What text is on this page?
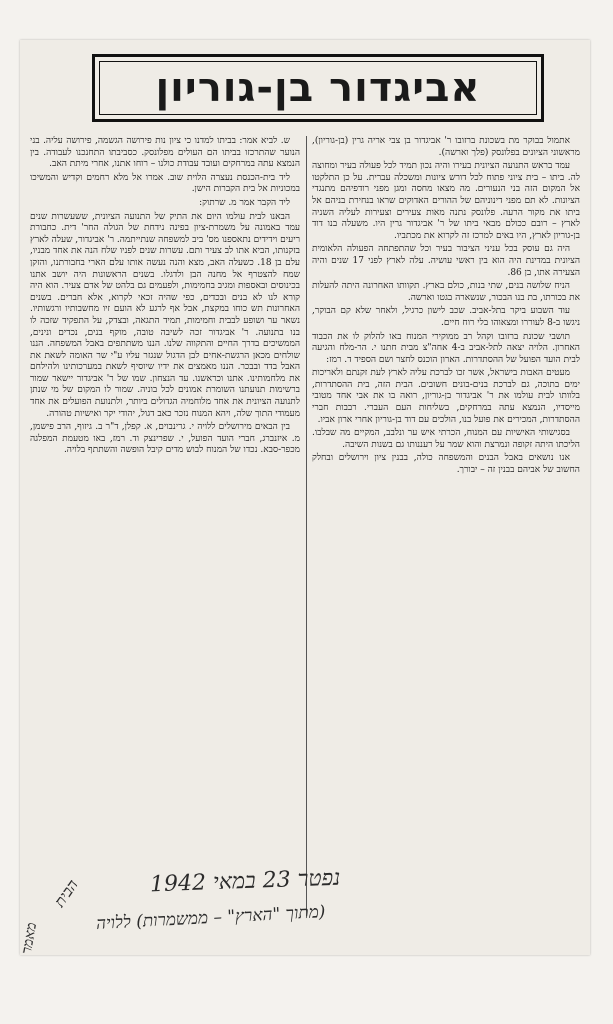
אביגדור בן-גוריון

אתמול בבוקר מת בשכונת ברזובו ר' אביגדור בן צבי אריה גרין (בן-גוריון), מראשוני הציונים בפלונסק (פלך וארשה).

עמד בראש התנועה הציונית בעירו והיה נכון תמיד לכל פעולה בעיר ומחוצה לה. ביתו – בית ציוני פתוח לכל דורש ציונות ומשכלה עברית. על כן התלקטו אל המקום הזה בני הנעורים. מה מצאו מחסה ומגן מפני רודפיהם מתנגדי הציונות. לא תם מפני דינוניהם של ההורים האדוקים שראו בנחירת בניהם אל ביתו את מקור הרעה. פלונסק נתנה מאות צעירים וצעירות לעליה השניה לארץ – רובם ככולם מבאי ביתו של ר' אביגדור גרין היו. משעלה בנו דוד בן-גוריון לארץ, היו באים למרכז זה לקרוא את מכתביו.

היה גם עוסק בכל עניני הציבור בעיר וכל שהתפתחה הפעולה הלאומית הציונית במדינת היה הוא בין ראשי עושיה. עלה לארץ לפני 17 שנים והיה הצעירה אתו, בן 86.

הניח שלושה בנים, שתי בנות, כולם בארץ. תקוותו האחרונה היתה להעלות את בכורתו, בת בנו הבכור, שנשארה בגטו וארשה.

עוד השבוע ביקר בתל-אביב. שכב לישון כרגיל, ולאחר שלא קם הבוקר, ניגשו ב-8 לעוררו ומצאוהו בלי רוח חיים.

תושבי שכונת ברזובו וקהל רב ממוקירי המנוח באו להלוק לו את הכבוד האחרון. הלויה יצאה לתל-אביב ב-4 אחה"צ מבית חתנו י. הר-מלח והגיעה לבית הועד הפועל של ההסתדרות. הארון הוכנס לחצר ושם הספיד ד. רמז:

מעטים האבות בישראל, אשר זכו לברכת עליה לארץ לעת זקנתם ולאריכות ימים בתוכה, גם לברכת בנים-בונים חשובים. הבית הזה, בית ההסתדרות, בלוותו לבית עולמו את ר' אביגדור בן-גוריון, רואה בו את אבי אחד מטובי מייסדיו, הנמצא עתה במרחקים, בשליחות העם העברי. רבבות חברי ההסתדרות, המכירים את פועל בנו, הולכים עם דוד בן-גוריון אחרי ארון אביו.

בסגישותי האישיות עם המנוח, הכרתי איש ער ונלבב, המקיים מה שבלבו. הליכתו היתה זקופה ונמרצת והוא שמר על רעננותו גם בשנות השיבה.

אנו נושאים באבל הבנים והמשפחה כולה, בבנין ציון וירושלים ובחלק החשוב של אביהם בבנין זה – יבורך.

ש. לביא אמר: בביתו למדנו כי ציון נות פירושה הגשמה, פירושה עליה. בני הנוער שהתרכזו בביתו הם העולים מפלונסק. כסביבתו התחנכנו לעבודה. בין הנמצא עתה במרחקים ועובד עבודת כולנו – רוחו אתנו, אחרי מיתת האב.

ליד בית-הכנסת נעצרה הלוית שוב. אמרו אל מלא רחמים וקדיש והמשיכו במכוניות אל בית הקברות הישן.

ליד הקבר אמר מ. שרתוק:

הבאנו לבית עולמו היום את התיק של התנועה הציונית, ששעשרות שנים עמד באמונה על משמרת-ציון בפינה נידחת של הגולה החר' דית. כחבורת ריעים וידידים נתאספנו מס' ביב למשפחה שנתייתמה. ר' אביגדור, שעלה לארץ בזקנותו, הביא אתו לב צעיר ותם. עשרות שנים לפניו שלח הנה את אחד מבניו, עלם בן 18. כשעלה האב, מצא והנה נעשה אותו עלם הארי בחבורתנו, והזקן שמח להצטרף אל מחנה הבן ולדגלו. בשנים הראשונות היה יושב אתנו בכינוסים ובאספות ומגיב בחמימות, ולפעמים גם בלהט של אדם צעיר. הוא היה קורא לנו לא בנים ובכדים, כפי שהיה זכאי לקרוא, אלא חברים. בשנים האחרונות תש כוחו במקצת, אבל אף לרגע לא הועם זיו מחשבותיו ורגשותיו. נשאר ער ושופע לבבית וחמימות, תמיד התגאה, ובצדק, על התפקיד שזכה לו בנו בתנועה. ר' אביגדור זכה לשיבה טובה, מוקף בנים, נכדים ונינים, הממשיכים בדרך החיים והתקווה שלנו. הננו משתתפים באבל המשפחה. הננו שולחים מכאן הרגשת-אחים לבן הדגול שנגזר עליו ע"י שר האומה לשאת את האבל בדד ובבכר. הננו מאמצים את ידיו שיוסיף לשאת במערכותינו ולהילחם את מלחמותינו. אתנו וכראשנו. עד הנצחון. שמו של ר' אביגדור יישאר שמור ברשימות תנועתנו השומרת אמונים לכל בוניה. שמור לו המקום של מי שנתן לתנועה הציונית את אחד מלוחמיה הגדולים ביותר, ולתנועת הפועלים את אחד מעמודי התוך שלה, ויהא המנוח נזכר כאב דגול, יהודי יקר ואישיות טהורה.

בין הבאים מירושלים ללויה י. גרינבוים, א. קפלן, ד"ר ב. גיזוף, הרב פישמן, מ. איזנברג, חברי הועד הפועל, י. שפרינצק וד. רמז, באו מטעמת המפלגה מכפר-סבא. נכדו של המנוח לבוש מדים קיבל הופשה והשתתף בלויה.

נפטר 23 במאי 1942
(מתוך "הארץ" – ממשמרות) ללויה
הבית
מאמר
